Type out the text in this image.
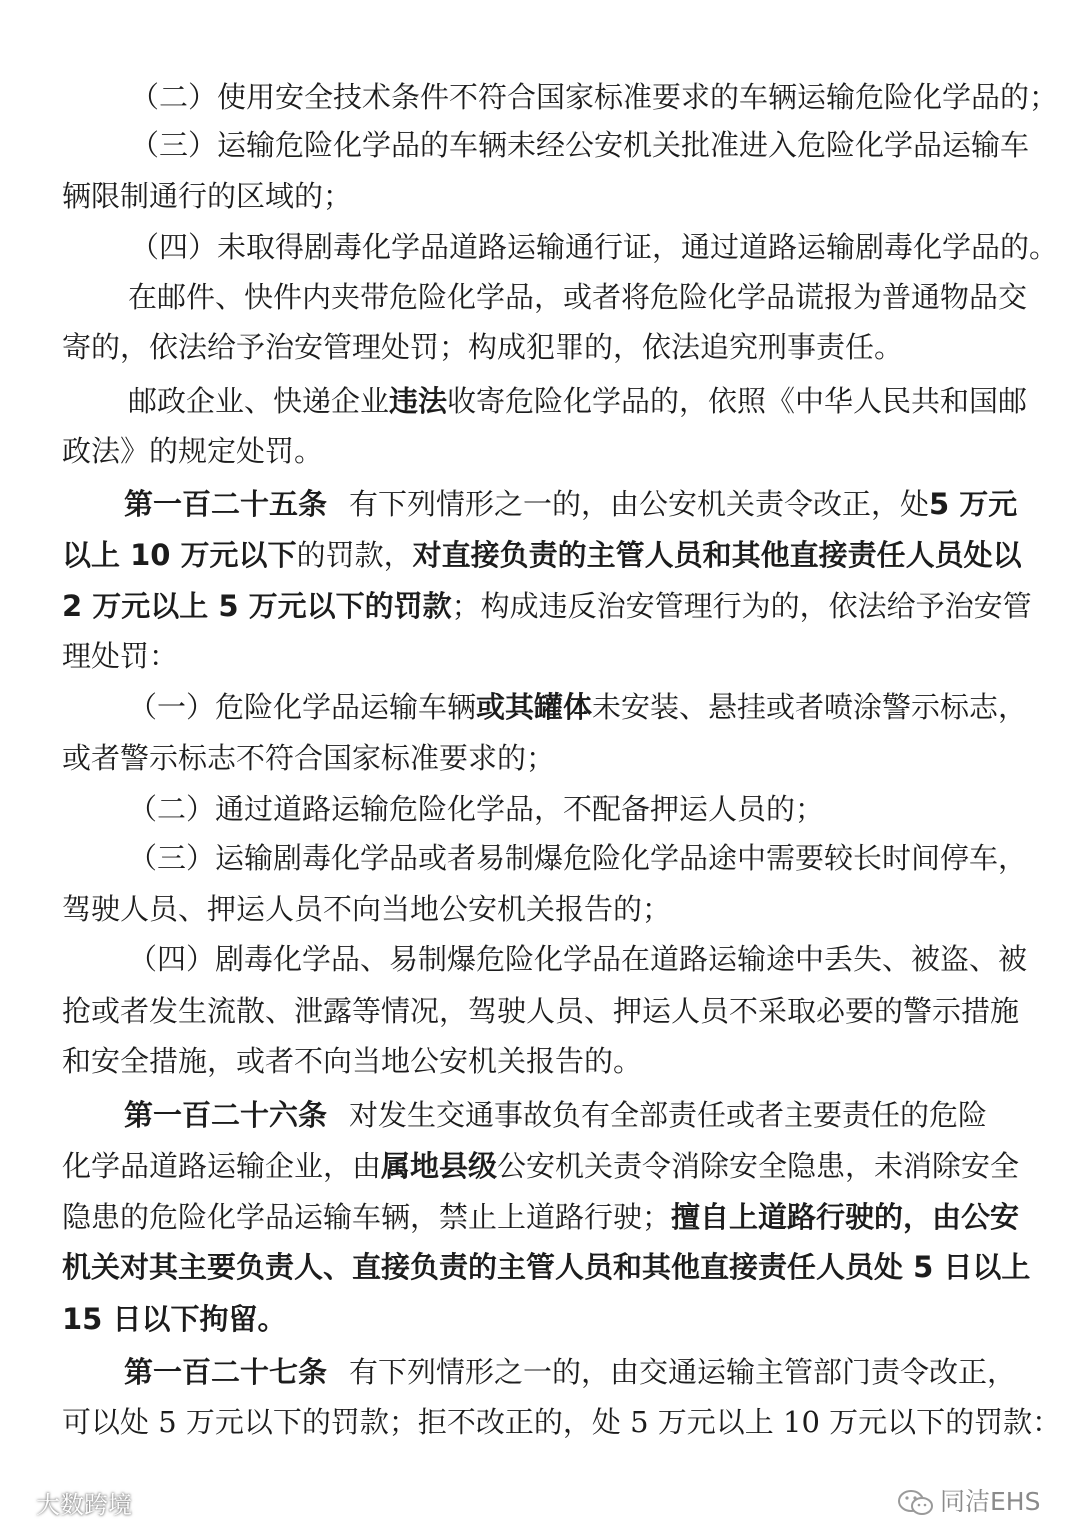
（二）使用安全技术条件不符合国家标准要求的车辆运输危险化学品的；
（三）运输危险化学品的车辆未经公安机关批准进入危险化学品运输车
辆限制通行的区域的；
（四）未取得剧毒化学品道路运输通行证，通过道路运输剧毒化学品的。
在邮件、快件内夹带危险化学品，或者将危险化学品谎报为普通物品交
寄的，依法给予治安管理处罚；构成犯罪的，依法追究刑事责任。
邮政企业、快递企业违法收寄危险化学品的，依照《中华人民共和国邮
政法》的规定处罚。
第一百二十五条 有下列情形之一的，由公安机关责令改正，处5 万元
以上 10 万元以下的罚款，对直接负责的主管人员和其他直接责任人员处以
2 万元以上 5 万元以下的罚款；构成违反治安管理行为的，依法给予治安管
理处罚：
（一）危险化学品运输车辆或其罐体未安装、悬挂或者喷涂警示标志，
或者警示标志不符合国家标准要求的；
（二）通过道路运输危险化学品，不配备押运人员的；
（三）运输剧毒化学品或者易制爆危险化学品途中需要较长时间停车，
驾驶人员、押运人员不向当地公安机关报告的；
（四）剧毒化学品、易制爆危险化学品在道路运输途中丢失、被盗、被
抢或者发生流散、泄露等情况，驾驶人员、押运人员不采取必要的警示措施
和安全措施，或者不向当地公安机关报告的。
第一百二十六条 对发生交通事故负有全部责任或者主要责任的危险
化学品道路运输企业，由属地县级公安机关责令消除安全隐患，未消除安全
隐患的危险化学品运输车辆，禁止上道路行驶；擅自上道路行驶的，由公安
机关对其主要负责人、直接负责的主管人员和其他直接责任人员处 5 日以上
15 日以下拘留。
第一百二十七条 有下列情形之一的，由交通运输主管部门责令改正，
可以处 5 万元以下的罚款；拒不改正的，处 5 万元以上 10 万元以下的罚款：
大数跨境	同洁EHS
